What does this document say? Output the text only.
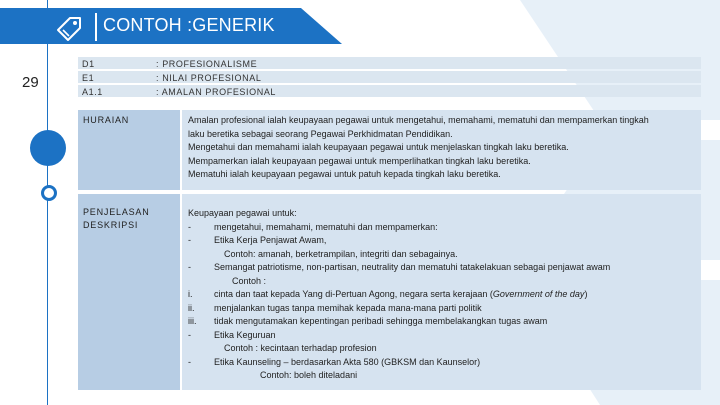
CONTOH :GENERIK
29
D1	: PROFESIONALISME
E1	: NILAI PROFESIONAL
A1.1	: AMALAN PROFESIONAL
HURAIAN	Amalan profesional ialah keupayaan pegawai untuk mengetahui, memahami, mematuhi dan mempamerkan tingkah
laku beretika sebagai seorang Pegawai Perkhidmatan Pendidikan.
Mengetahui dan memahami ialah keupayaan pegawai untuk menjelaskan tingkah laku beretika.
Mempamerkan ialah keupayaan pegawai untuk memperlihatkan tingkah laku beretika.
Mematuhi ialah keupayaan pegawai untuk patuh kepada tingkah laku beretika.
PENJELASAN
DESKRIPSI
Keupayaan pegawai untuk:
-	mengetahui, memahami, mematuhi dan mempamerkan:
-	Etika Kerja Penjawat Awam,
Contoh: amanah, berketrampilan, integriti dan sebagainya.
-	Semangat patriotisme, non-partisan, neutrality dan mematuhi tatakelakuan sebagai penjawat awam
Contoh :
i. cinta dan taat kepada Yang di-Pertuan Agong, negara serta kerajaan (Government of the day)
ii. menjalankan tugas tanpa memihak kepada mana-mana parti politik
iii. tidak mengutamakan kepentingan peribadi sehingga membelakangkan tugas awam
-	Etika Keguruan
Contoh : kecintaan terhadap profesion
-	Etika Kaunseling – berdasarkan Akta 580 (GBKSM dan Kaunselor)
Contoh: boleh diteladani
